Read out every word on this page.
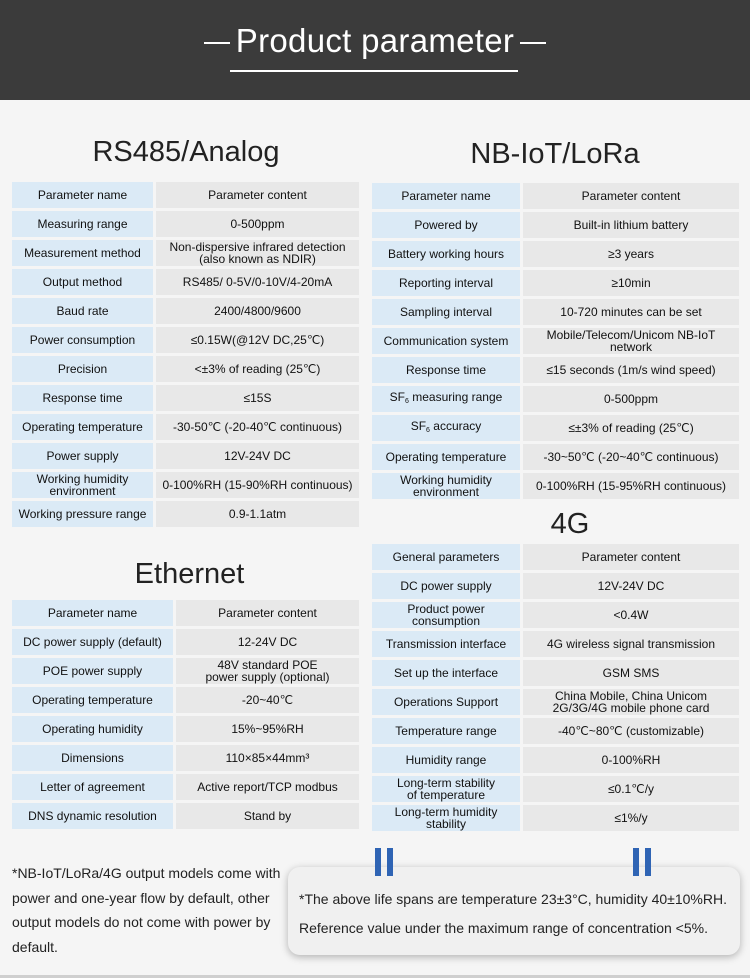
Product parameter
RS485/Analog
Parameter name	Parameter content
Measuring range	0-500ppm
Measurement method	Non-dispersive infrared detection
(also known as NDIR)
Output method	RS485/ 0-5V/0-10V/4-20mA
Baud rate	2400/4800/9600
Power consumption	≤0.15W(@12V DC,25℃)
Precision	<±3% of reading (25℃)
Response time	≤15S
Operating temperature	-30-50℃ (-20-40℃ continuous)
Power supply	12V-24V DC
Working humidity
environment	0-100%RH (15-90%RH continuous)
Working pressure range	0.9-1.1atm
NB-IoT/LoRa
Parameter name	Parameter content
Powered by	Built-in lithium battery
Battery working hours	≥3 years
Reporting interval	≥10min
Sampling interval	10-720 minutes can be set
Communication system	Mobile/Telecom/Unicom NB-IoT network
Response time	≤15 seconds (1m/s wind speed)
$SF_6$ measuring range	0-500ppm
$SF_6$ accuracy	≤±3% of reading (25℃)
Operating temperature	-30~50℃ (-20~40℃ continuous)
Working humidity
environment	0-100%RH (15-95%RH continuous)
Ethernet
Parameter name	Parameter content
DC power supply (default)	12-24V DC
POE power supply	48V standard POE
power supply (optional)
Operating temperature	-20~40℃
Operating humidity	15%~95%RH
Dimensions	110×85×44mm³
Letter of agreement	Active report/TCP modbus
DNS dynamic resolution	Stand by
4G
General parameters	Parameter content
DC power supply	12V-24V DC
Product power
consumption	<0.4W
Transmission interface	4G wireless signal transmission
Set up the interface	GSM SMS
Operations Support	China Mobile, China Unicom
2G/3G/4G mobile phone card
Temperature range	-40℃~80℃ (customizable)
Humidity range	0-100%RH
Long-term stability
of temperature	≤0.1℃/y
Long-term humidity
stability	≤1%/y
*NB-IoT/LoRa/4G output models come with power and one-year flow by default, other output models do not come with power by default.
*The above life spans are temperature 23±3°C, humidity 40±10%RH.
Reference value under the maximum range of concentration <5%.
